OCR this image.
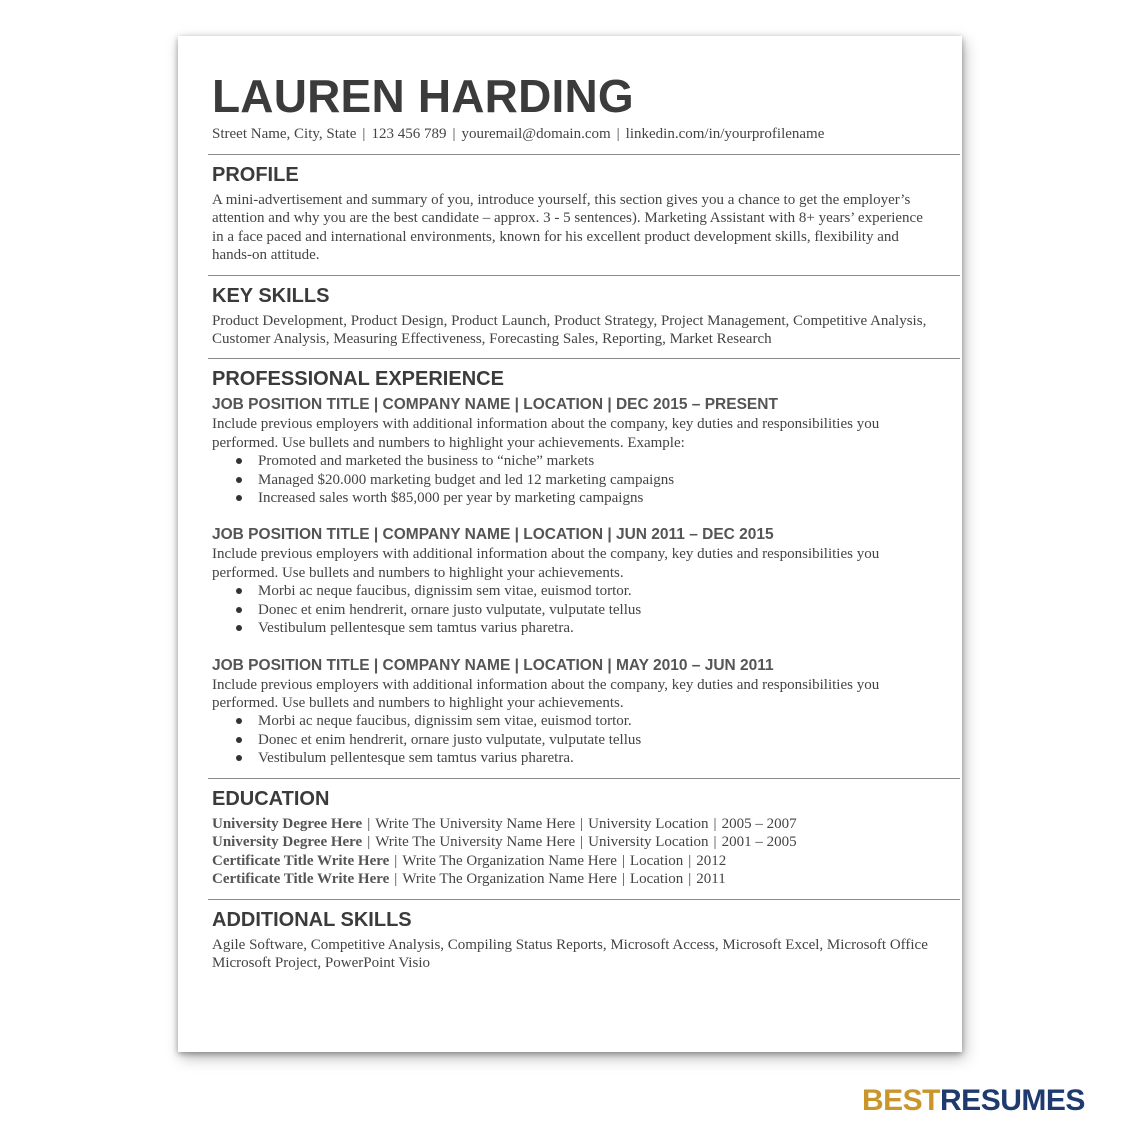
LAUREN HARDING
Street Name, City, State | 123 456 789 | youremail@domain.com | linkedin.com/in/yourprofilename
PROFILE

A mini-advertisement and summary of you, introduce yourself, this section gives you a chance to get the employer’s attention and why you are the best candidate – approx. 3 - 5 sentences). Marketing Assistant with 8+ years’ experience in a face paced and international environments, known for his excellent product development skills, flexibility and hands-on attitude.

KEY SKILLS

Product Development, Product Design, Product Launch, Product Strategy, Project Management, Competitive Analysis, Customer Analysis, Measuring Effectiveness, Forecasting Sales, Reporting, Market Research

PROFESSIONAL EXPERIENCE
JOB POSITION TITLE | COMPANY NAME | LOCATION | DEC 2015 – PRESENT

Include previous employers with additional information about the company, key duties and responsibilities you performed. Use bullets and numbers to highlight your achievements. Example:

Promoted and marketed the business to “niche” markets
Managed $20.000 marketing budget and led 12 marketing campaigns
Increased sales worth $85,000 per year by marketing campaigns
JOB POSITION TITLE | COMPANY NAME | LOCATION | JUN 2011 – DEC 2015

Include previous employers with additional information about the company, key duties and responsibilities you performed. Use bullets and numbers to highlight your achievements.

Morbi ac neque faucibus, dignissim sem vitae, euismod tortor.
Donec et enim hendrerit, ornare justo vulputate, vulputate tellus
Vestibulum pellentesque sem tamtus varius pharetra.
JOB POSITION TITLE | COMPANY NAME | LOCATION | MAY 2010 – JUN 2011

Include previous employers with additional information about the company, key duties and responsibilities you performed. Use bullets and numbers to highlight your achievements.

Morbi ac neque faucibus, dignissim sem vitae, euismod tortor.
Donec et enim hendrerit, ornare justo vulputate, vulputate tellus
Vestibulum pellentesque sem tamtus varius pharetra.
EDUCATION
University Degree Here | Write The University Name Here | University Location | 2005 – 2007
University Degree Here | Write The University Name Here | University Location | 2001 – 2005
Certificate Title Write Here | Write The Organization Name Here | Location | 2012
Certificate Title Write Here | Write The Organization Name Here | Location | 2011
ADDITIONAL SKILLS

Agile Software, Competitive Analysis, Compiling Status Reports, Microsoft Access, Microsoft Excel, Microsoft Office Microsoft Project, PowerPoint Visio

BESTRESUMES
